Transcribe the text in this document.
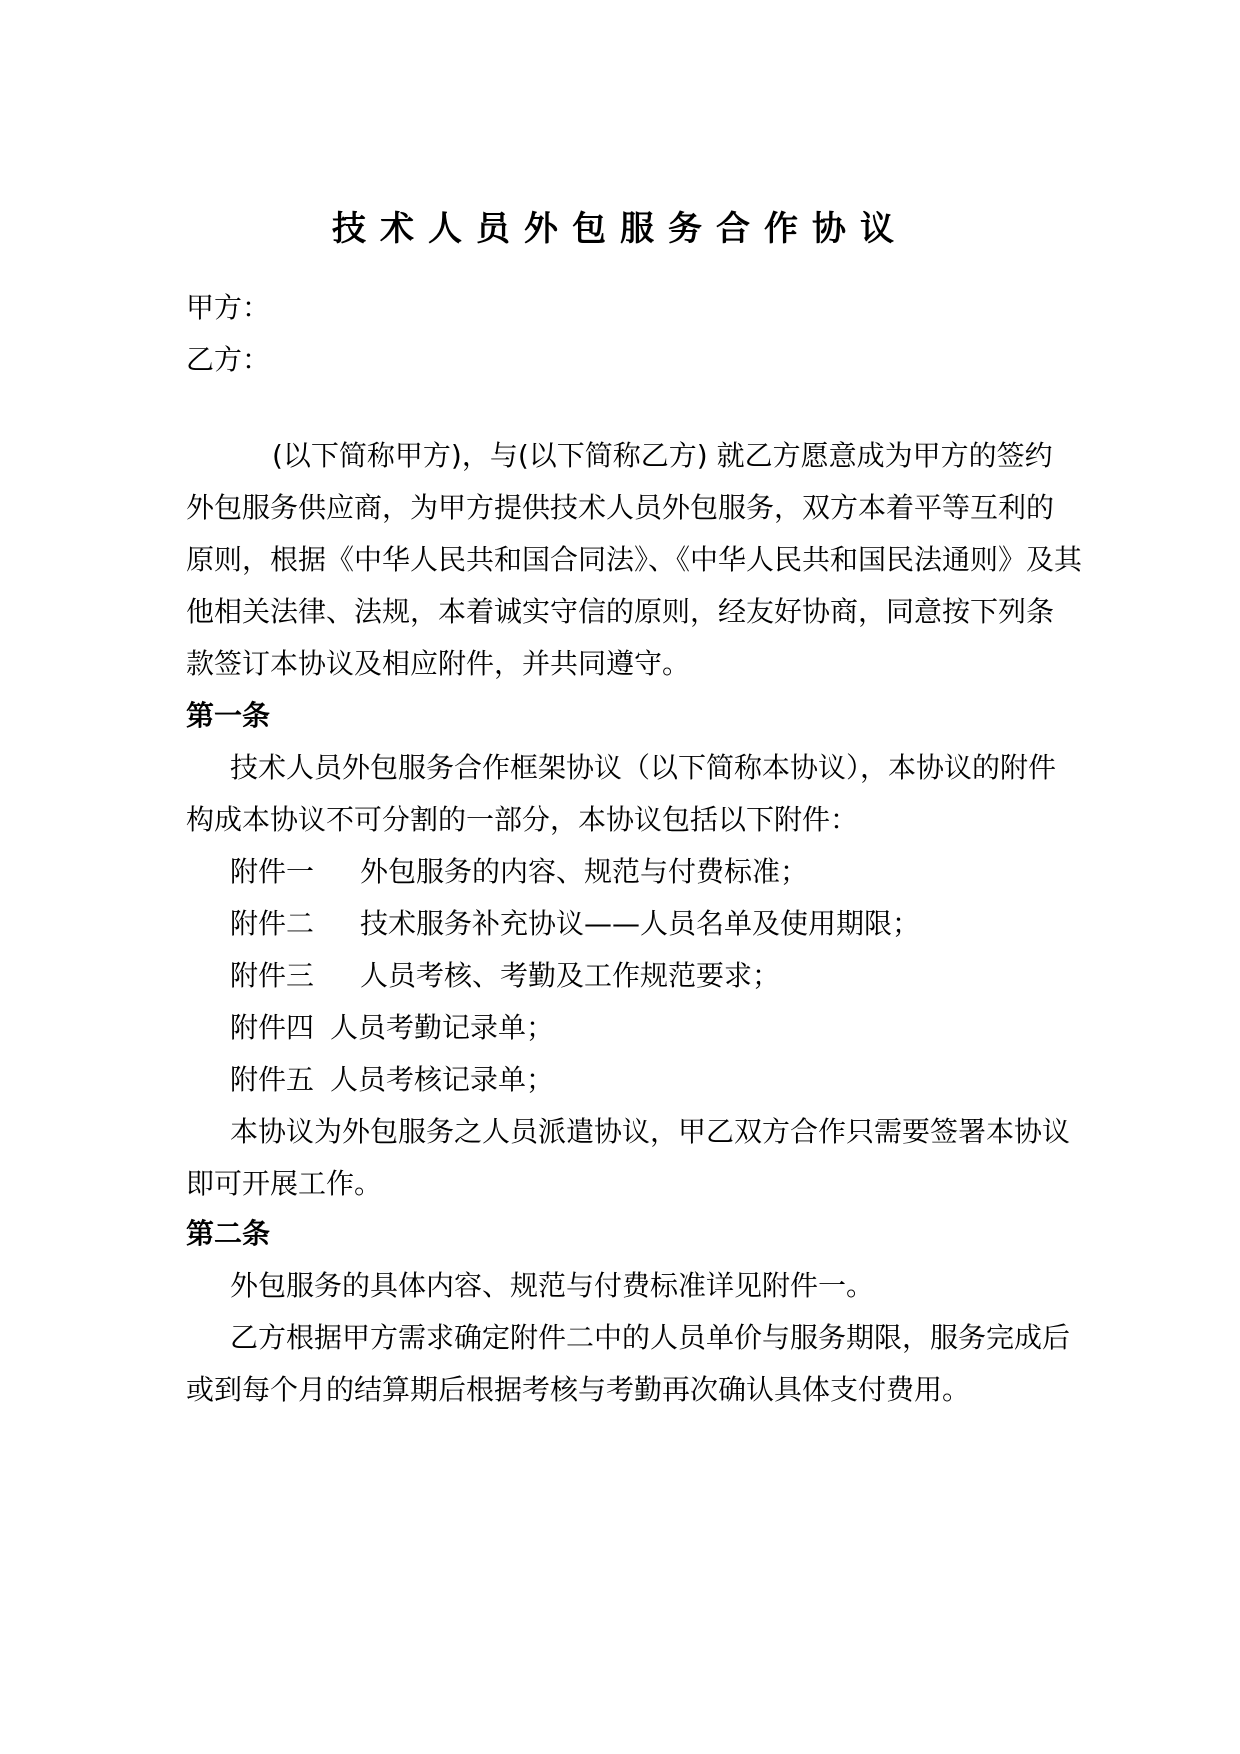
技术人员外包服务合作协议
甲方：
乙方：
(以下简称甲方)，与(以下简称乙方) 就乙方愿意成为甲方的签约
外包服务供应商，为甲方提供技术人员外包服务，双方本着平等互利的
原则，根据《中华人民共和国合同法》、《中华人民共和国民法通则》及其
他相关法律、法规，本着诚实守信的原则，经友好协商，同意按下列条
款签订本协议及相应附件，并共同遵守。
第一条
技术人员外包服务合作框架协议（以下简称本协议），本协议的附件
构成本协议不可分割的一部分，本协议包括以下附件：
附件一 外包服务的内容、规范与付费标准；
附件二 技术服务补充协议——人员名单及使用期限；
附件三 人员考核、考勤及工作规范要求；
附件四 人员考勤记录单；
附件五 人员考核记录单；
本协议为外包服务之人员派遣协议，甲乙双方合作只需要签署本协议
即可开展工作。
第二条
外包服务的具体内容、规范与付费标准详见附件一。
乙方根据甲方需求确定附件二中的人员单价与服务期限，服务完成后
或到每个月的结算期后根据考核与考勤再次确认具体支付费用。
